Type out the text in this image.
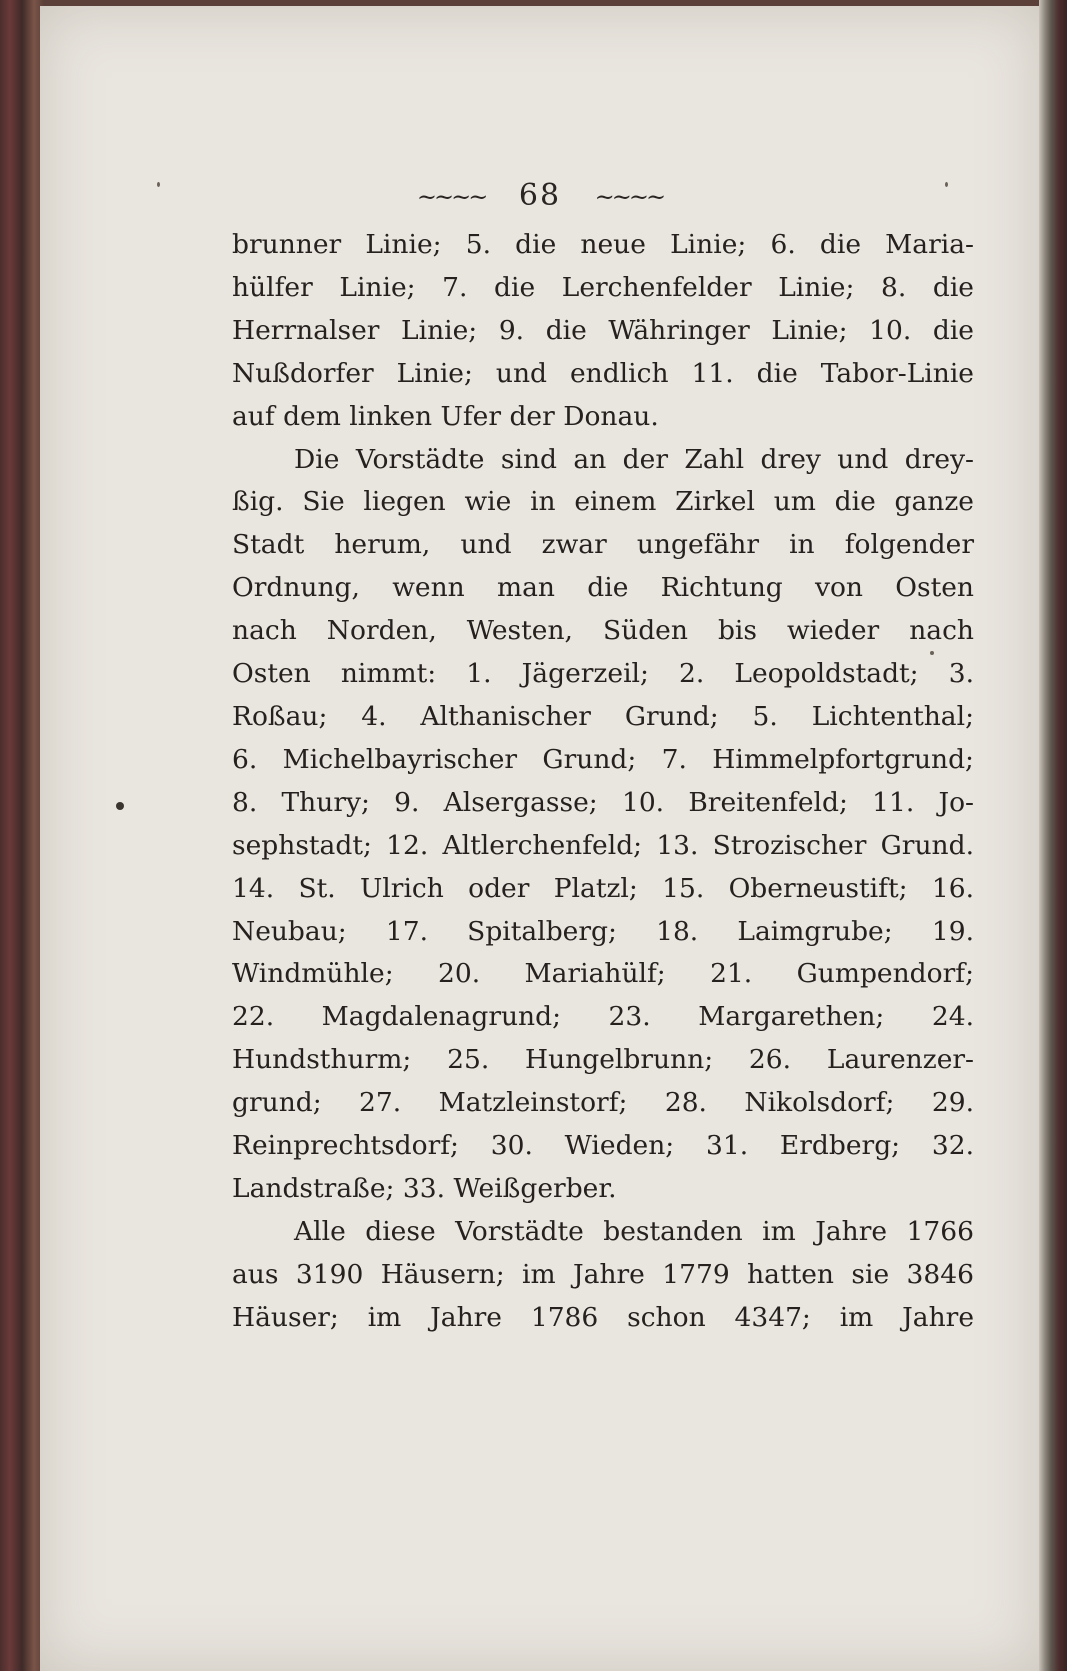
~~~~ 68 ~~~~
brunner Linie; 5. die neue Linie; 6. die Maria-
hülfer Linie; 7. die Lerchenfelder Linie; 8. die
Herrnalser Linie; 9. die Währinger Linie; 10. die
Nußdorfer Linie; und endlich 11. die Tabor-Linie
auf dem linken Ufer der Donau.
Die Vorstädte sind an der Zahl drey und drey-
ßig. Sie liegen wie in einem Zirkel um die ganze
Stadt herum, und zwar ungefähr in folgender
Ordnung, wenn man die Richtung von Osten
nach Norden, Westen, Süden bis wieder nach
Osten nimmt: 1. Jägerzeil; 2. Leopoldstadt; 3.
Roßau; 4. Althanischer Grund; 5. Lichtenthal;
6. Michelbayrischer Grund; 7. Himmelpfortgrund;
8. Thury; 9. Alsergasse; 10. Breitenfeld; 11. Jo-
sephstadt; 12. Altlerchenfeld; 13. Strozischer Grund.
14. St. Ulrich oder Platzl; 15. Oberneustift; 16.
Neubau; 17. Spitalberg; 18. Laimgrube; 19.
Windmühle; 20. Mariahülf; 21. Gumpendorf;
22. Magdalenagrund; 23. Margarethen; 24.
Hundsthurm; 25. Hungelbrunn; 26. Laurenzer-
grund; 27. Matzleinstorf; 28. Nikolsdorf; 29.
Reinprechtsdorf; 30. Wieden; 31. Erdberg; 32.
Landstraße; 33. Weißgerber.
Alle diese Vorstädte bestanden im Jahre 1766
aus 3190 Häusern; im Jahre 1779 hatten sie 3846
Häuser; im Jahre 1786 schon 4347; im Jahre
